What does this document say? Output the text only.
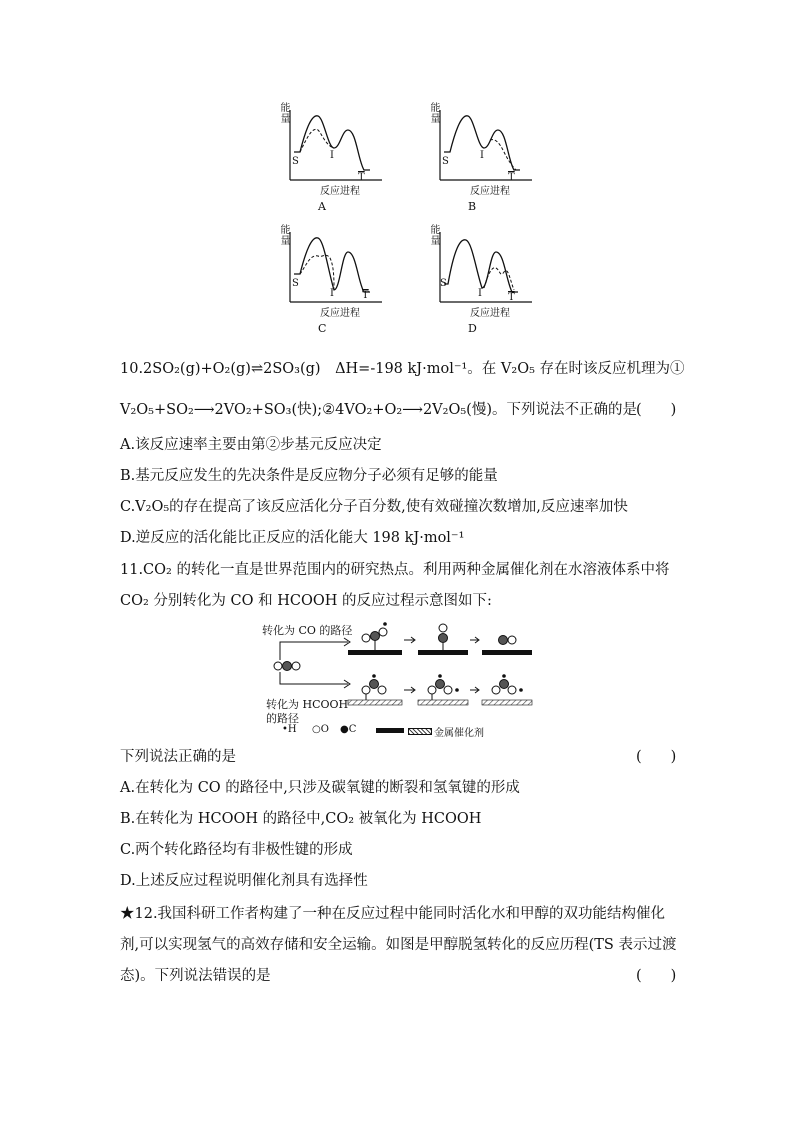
能量
S
I
$\overline{T}$
反应进程
A
能量
S
I
$\overline{T}$
反应进程
B
能量
S
I	$\overline{T}$
反应进程
C
能量
S
I	$\overline{T}$
反应进程
D
10.2SO₂(g)+O₂(g)⇌2SO₃(g)　ΔH=-198 kJ·mol⁻¹。在 V₂O₅ 存在时该反应机理为①
V₂O₅+SO₂⟶2VO₂+SO₃(快);②4VO₂+O₂⟶2V₂O₅(慢)。下列说法不正确的是 (　　)
A.该反应速率主要由第②步基元反应决定
B.基元反应发生的先决条件是反应物分子必须有足够的能量
C.V₂O₅的存在提高了该反应活化分子百分数,使有效碰撞次数增加,反应速率加快
D.逆反应的活化能比正反应的活化能大 198 kJ·mol⁻¹
11.CO₂ 的转化一直是世界范围内的研究热点。利用两种金属催化剂在水溶液体系中将
CO₂ 分别转化为 CO 和 HCOOH 的反应过程示意图如下:
转化为 CO 的路径
转化为 HCOOH
的路径
•H ○O ●C	金属催化剂
下列说法正确的是	(　　)
A.在转化为 CO 的路径中,只涉及碳氧键的断裂和氢氧键的形成
B.在转化为 HCOOH 的路径中,CO₂ 被氧化为 HCOOH
C.两个转化路径均有非极性键的形成
D.上述反应过程说明催化剂具有选择性
★12.我国科研工作者构建了一种在反应过程中能同时活化水和甲醇的双功能结构催化
剂,可以实现氢气的高效存储和安全运输。如图是甲醇脱氢转化的反应历程(TS 表示过渡
态)。下列说法错误的是	(　　)
